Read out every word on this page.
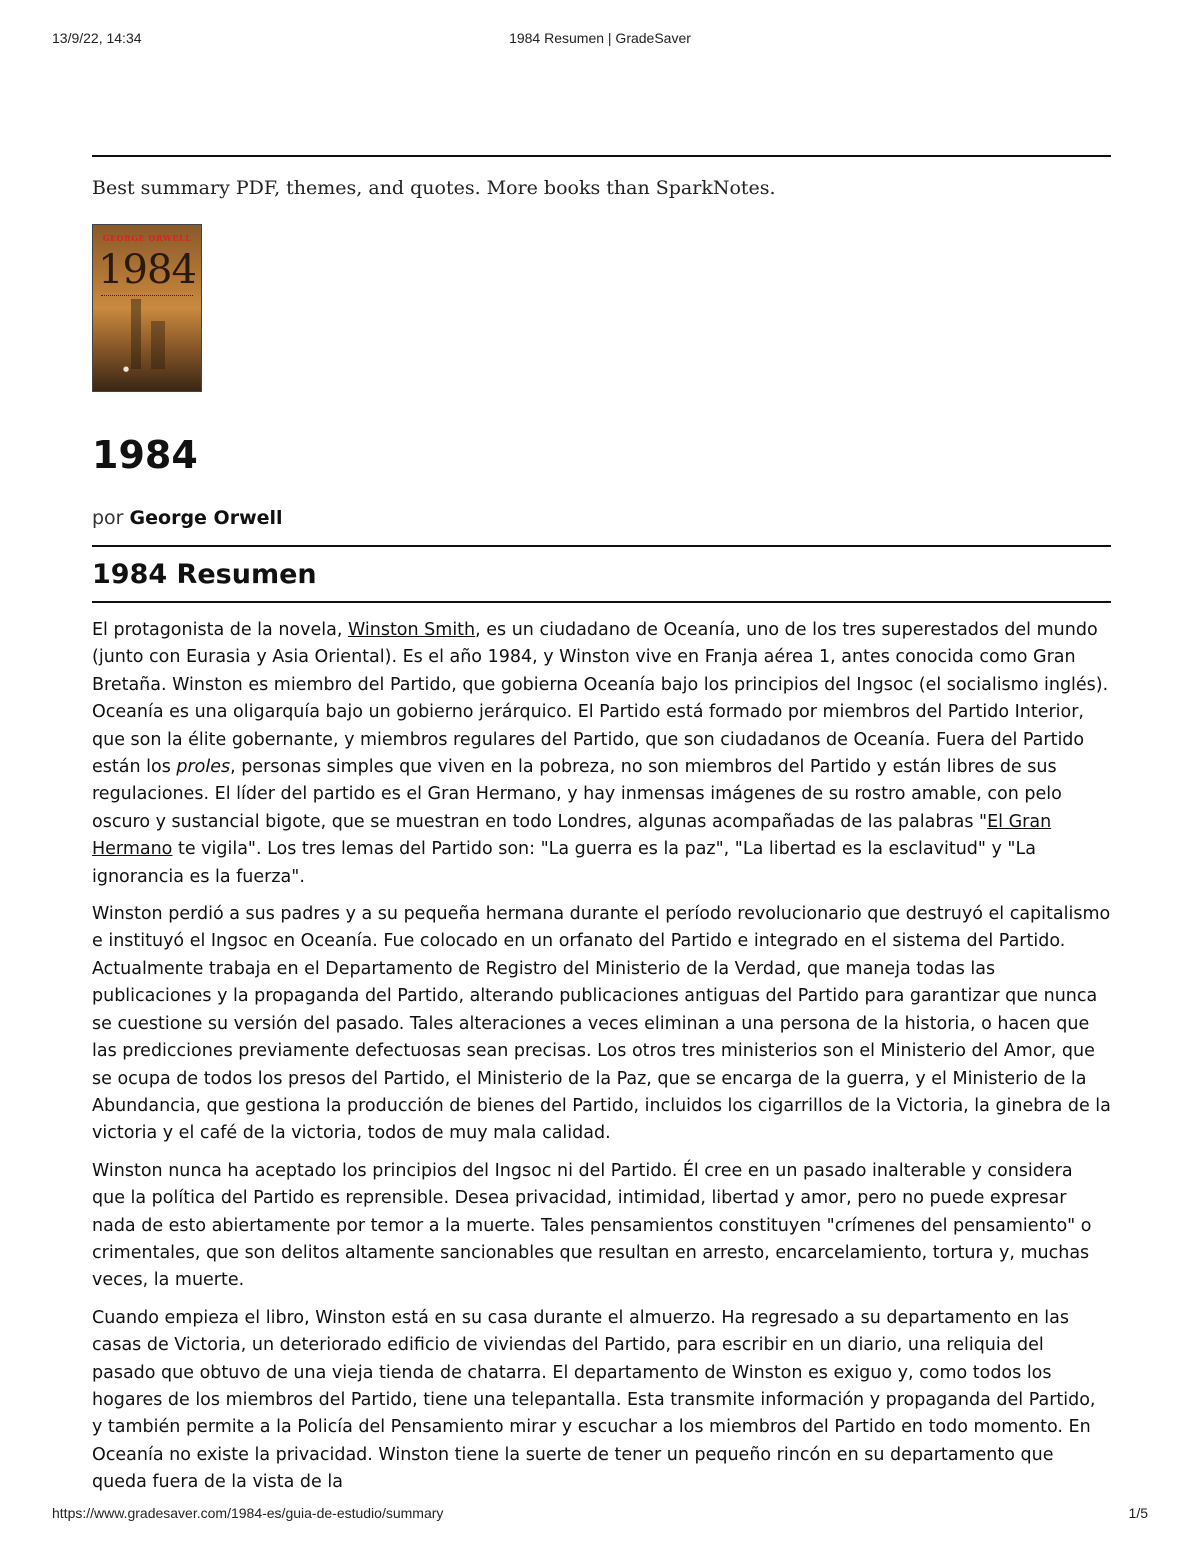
13/9/22, 14:34	1984 Resumen | GradeSaver
Best summary PDF, themes, and quotes. More books than SparkNotes.
GEORGE ORWELL
1984
●
1984
por George Orwell
1984 Resumen

El protagonista de la novela, Winston Smith, es un ciudadano de Oceanía, uno de los tres superestados del mundo (junto con Eurasia y Asia Oriental). Es el año 1984, y Winston vive en Franja aérea 1, antes conocida como Gran Bretaña. Winston es miembro del Partido, que gobierna Oceanía bajo los principios del Ingsoc (el socialismo inglés). Oceanía es una oligarquía bajo un gobierno jerárquico. El Partido está formado por miembros del Partido Interior, que son la élite gobernante, y miembros regulares del Partido, que son ciudadanos de Oceanía. Fuera del Partido están los proles, personas simples que viven en la pobreza, no son miembros del Partido y están libres de sus regulaciones. El líder del partido es el Gran Hermano, y hay inmensas imágenes de su rostro amable, con pelo oscuro y sustancial bigote, que se muestran en todo Londres, algunas acompañadas de las palabras "El Gran Hermano te vigila". Los tres lemas del Partido son: "La guerra es la paz", "La libertad es la esclavitud" y "La ignorancia es la fuerza".

Winston perdió a sus padres y a su pequeña hermana durante el período revolucionario que destruyó el capitalismo e instituyó el Ingsoc en Oceanía. Fue colocado en un orfanato del Partido e integrado en el sistema del Partido. Actualmente trabaja en el Departamento de Registro del Ministerio de la Verdad, que maneja todas las publicaciones y la propaganda del Partido, alterando publicaciones antiguas del Partido para garantizar que nunca se cuestione su versión del pasado. Tales alteraciones a veces eliminan a una persona de la historia, o hacen que las predicciones previamente defectuosas sean precisas. Los otros tres ministerios son el Ministerio del Amor, que se ocupa de todos los presos del Partido, el Ministerio de la Paz, que se encarga de la guerra, y el Ministerio de la Abundancia, que gestiona la producción de bienes del Partido, incluidos los cigarrillos de la Victoria, la ginebra de la victoria y el café de la victoria, todos de muy mala calidad.

Winston nunca ha aceptado los principios del Ingsoc ni del Partido. Él cree en un pasado inalterable y considera que la política del Partido es reprensible. Desea privacidad, intimidad, libertad y amor, pero no puede expresar nada de esto abiertamente por temor a la muerte. Tales pensamientos constituyen "crímenes del pensamiento" o crimentales, que son delitos altamente sancionables que resultan en arresto, encarcelamiento, tortura y, muchas veces, la muerte.

Cuando empieza el libro, Winston está en su casa durante el almuerzo. Ha regresado a su departamento en las casas de Victoria, un deteriorado edificio de viviendas del Partido, para escribir en un diario, una reliquia del pasado que obtuvo de una vieja tienda de chatarra. El departamento de Winston es exiguo y, como todos los hogares de los miembros del Partido, tiene una telepantalla. Esta transmite información y propaganda del Partido, y también permite a la Policía del Pensamiento mirar y escuchar a los miembros del Partido en todo momento. En Oceanía no existe la privacidad. Winston tiene la suerte de tener un pequeño rincón en su departamento que queda fuera de la vista de la

https://www.gradesaver.com/1984-es/guia-de-estudio/summary	1/5
